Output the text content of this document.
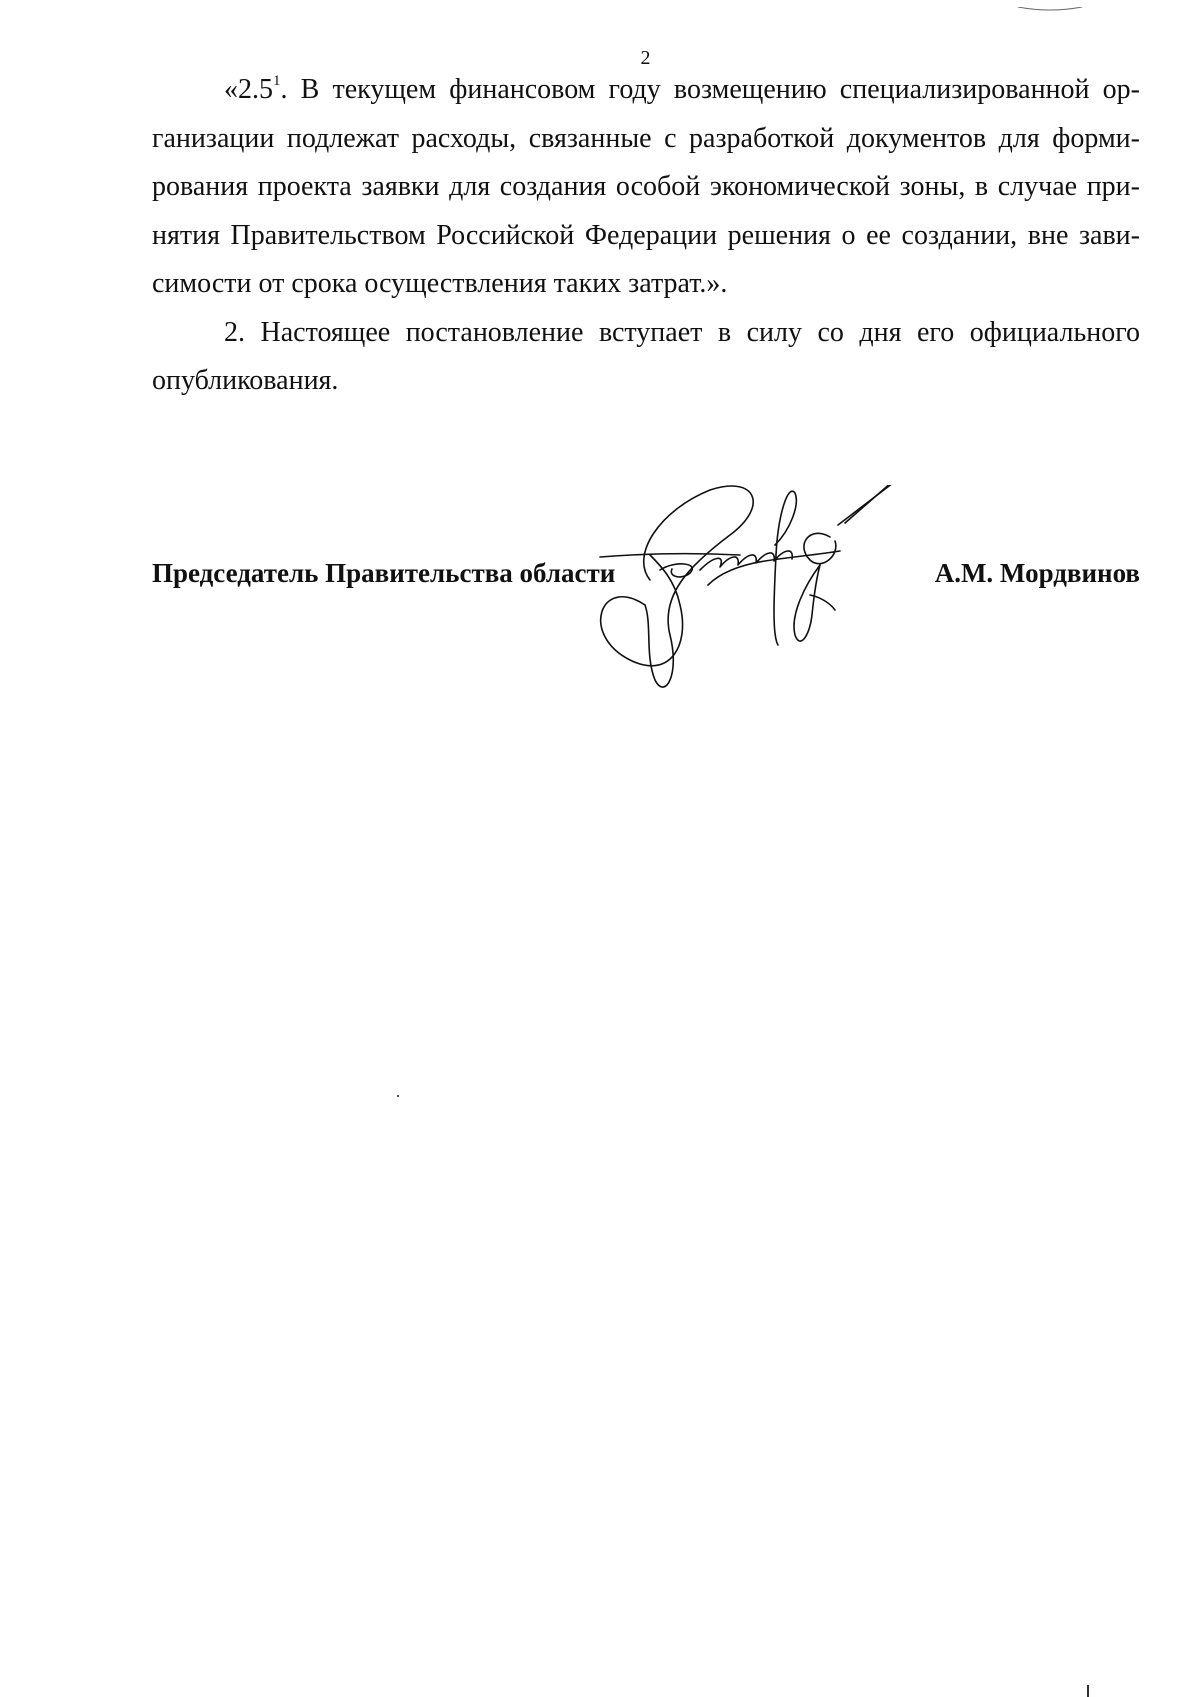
2

«2.5$^1$. В текущем финансовом году возмещению специализированной организации подлежат расходы, связанные с разработкой документов для формирования проекта заявки для создания особой экономической зоны, в случае принятия Правительством Российской Федерации решения о ее создании, вне зависимости от срока осуществления таких затрат.».

2. Настоящее постановление вступает в силу со дня его официального опубликования.

Председатель Правительства области	А.М. Мордвинов
